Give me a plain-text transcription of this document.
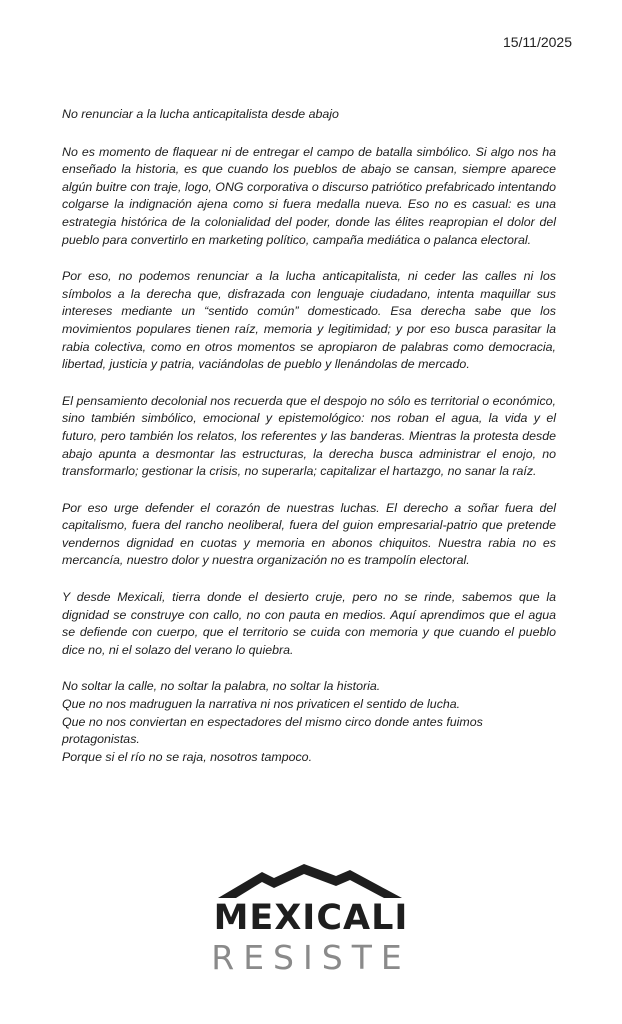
15/11/2025
No renunciar a la lucha anticapitalista desde abajo

No es momento de flaquear ni de entregar el campo de batalla simbólico. Si algo nos ha enseñado la historia, es que cuando los pueblos de abajo se cansan, siempre aparece algún buitre con traje, logo, ONG corporativa o discurso patriótico prefabricado intentando colgarse la indignación ajena como si fuera medalla nueva. Eso no es casual: es una estrategia histórica de la colonialidad del poder, donde las élites reapropian el dolor del pueblo para convertirlo en marketing político, campaña mediática o palanca electoral.

Por eso, no podemos renunciar a la lucha anticapitalista, ni ceder las calles ni los símbolos a la derecha que, disfrazada con lenguaje ciudadano, intenta maquillar sus intereses mediante un “sentido común” domesticado. Esa derecha sabe que los movimientos populares tienen raíz, memoria y legitimidad; y por eso busca parasitar la rabia colectiva, como en otros momentos se apropiaron de palabras como democracia, libertad, justicia y patria, vaciándolas de pueblo y llenándolas de mercado.

El pensamiento decolonial nos recuerda que el despojo no sólo es territorial o económico, sino también simbólico, emocional y epistemológico: nos roban el agua, la vida y el futuro, pero también los relatos, los referentes y las banderas. Mientras la protesta desde abajo apunta a desmontar las estructuras, la derecha busca administrar el enojo, no transformarlo; gestionar la crisis, no superarla; capitalizar el hartazgo, no sanar la raíz.

Por eso urge defender el corazón de nuestras luchas. El derecho a soñar fuera del capitalismo, fuera del rancho neoliberal, fuera del guion empresarial-patrio que pretende vendernos dignidad en cuotas y memoria en abonos chiquitos. Nuestra rabia no es mercancía, nuestro dolor y nuestra organización no es trampolín electoral.

Y desde Mexicali, tierra donde el desierto cruje, pero no se rinde, sabemos que la dignidad se construye con callo, no con pauta en medios. Aquí aprendimos que el agua se defiende con cuerpo, que el territorio se cuida con memoria y que cuando el pueblo dice no, ni el solazo del verano lo quiebra.

No soltar la calle, no soltar la palabra, no soltar la historia.
Que no nos madruguen la narrativa ni nos privaticen el sentido de lucha.
Que no nos conviertan en espectadores del mismo circo donde antes fuimos protagonistas.
Porque si el río no se raja, nosotros tampoco.
MEXICALI
RESISTE
